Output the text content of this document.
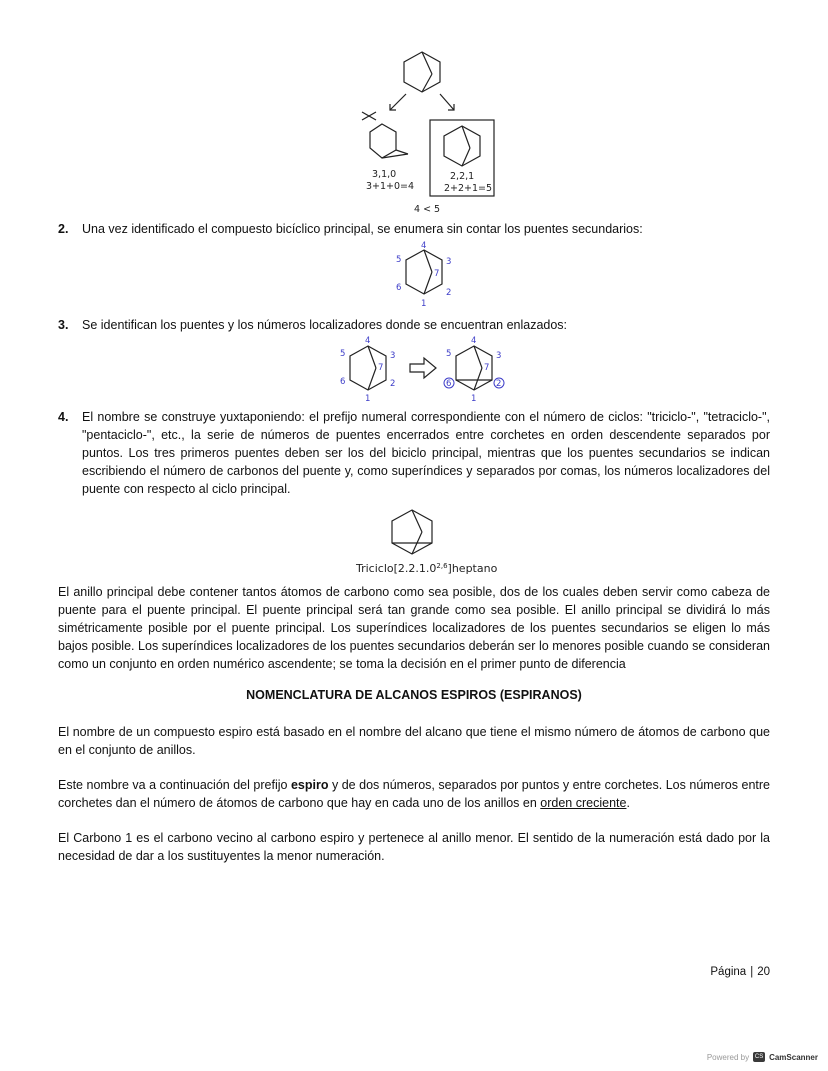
3,1,0
3+1+0=4
2,2,1
2+2+1=5
4 < 5
2. Una vez identificado el compuesto bicíclico principal, se enumera sin contar los puentes secundarios:
4
3
7
2
1
6
5
3. Se identifican los puentes y los números localizadores donde se encuentran enlazados:
4
3
7
2
1
6
5
4
3
7
2
1
6
5
4. El nombre se construye yuxtaponiendo: el prefijo numeral correspondiente con el número de ciclos: "triciclo-", "tetraciclo-", "pentaciclo-", etc., la serie de números de puentes encerrados entre corchetes en orden descendente separados por puntos. Los tres primeros puentes deben ser los del biciclo principal, mientras que los puentes secundarios se indican escribiendo el número de carbonos del puente y, como superíndices y separados por comas, los números localizadores del puente con respecto al ciclo principal.
Triciclo[2.2.1.0$^{2,6}$]heptano
El anillo principal debe contener tantos átomos de carbono como sea posible, dos de los cuales deben servir como cabeza de puente para el puente principal. El puente principal será tan grande como sea posible. El anillo principal se dividirá lo más simétricamente posible por el puente principal. Los superíndices localizadores de los puentes secundarios se eligen lo más bajos posible. Los superíndices localizadores de los puentes secundarios deberán ser lo menores posible cuando se consideran como un conjunto en orden numérico ascendente; se toma la decisión en el primer punto de diferencia
NOMENCLATURA DE ALCANOS ESPIROS (ESPIRANOS)
El nombre de un compuesto espiro está basado en el nombre del alcano que tiene el mismo número de átomos de carbono que en el conjunto de anillos.
Este nombre va a continuación del prefijo espiro y de dos números, separados por puntos y entre corchetes. Los números entre corchetes dan el número de átomos de carbono que hay en cada uno de los anillos en orden creciente.
El Carbono 1 es el carbono vecino al carbono espiro y pertenece al anillo menor. El sentido de la numeración está dado por la necesidad de dar a los sustituyentes la menor numeración.
Página | 20
Powered by CS CamScanner
